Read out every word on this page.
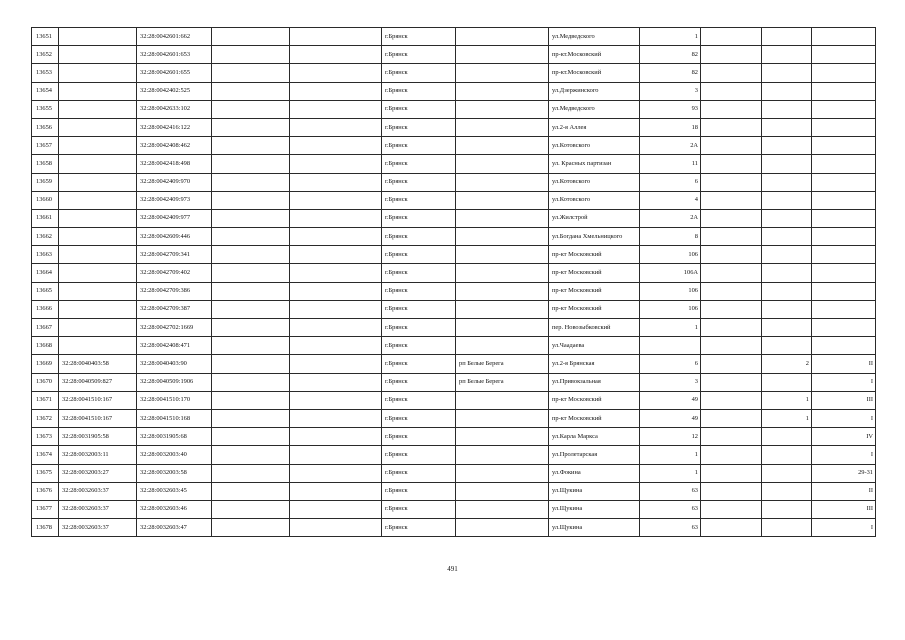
13651		32:28:0042601:662			г.Брянск		ул.Медведского	1			
13652		32:28:0042601:653			г.Брянск		пр-кт.Московский	82			
13653		32:28:0042601:655			г.Брянск		пр-кт.Московский	82			
13654		32:28:0042402:525			г.Брянск		ул.Дзержинского	3			
13655		32:28:0042633:102			г.Брянск		ул.Медведского	93			
13656		32:28:0042416:122			г.Брянск		ул.2-я Аллея	18			
13657		32:28:0042408:462			г.Брянск		ул.Котовского	2А			
13658		32:28:0042418:498			г.Брянск		ул. Красных партизан	11			
13659		32:28:0042409:970			г.Брянск		ул.Котовского	6			
13660		32:28:0042409:973			г.Брянск		ул.Котовского	4			
13661		32:28:0042409:977			г.Брянск		ул.Жилстрой	2А			
13662		32:28:0042609:446			г.Брянск		ул.Богдана Хмельницкого	8			
13663		32:28:0042709:341			г.Брянск		пр-кт Московский	106			
13664		32:28:0042709:402			г.Брянск		пр-кт Московский	106А			
13665		32:28:0042709:386			г.Брянск		пр-кт Московский	106			
13666		32:28:0042709:387			г.Брянск		пр-кт Московский	106			
13667		32:28:0042702:1669			г.Брянск		пер. Новозыбковский	1			
13668		32:28:0042408:471			г.Брянск		ул.Чаадаева				
13669	32:28:0040403:58	32:28:0040403:90			г.Брянск	рп Белые Берега	ул.2-я Брянская	6		2	II
13670	32:28:0040509:827	32:28:0040509:1906			г.Брянск	рп Белые Берега	ул.Привокзальная	3			I
13671	32:28:0041510:167	32:28:0041510:170			г.Брянск		пр-кт Московский	49		1	III
13672	32:28:0041510:167	32:28:0041510:168			г.Брянск		пр-кт Московский	49		1	I
13673	32:28:0031905:58	32:28:0031905:68			г.Брянск		ул.Карла Маркса	12			IV
13674	32:28:0032003:11	32:28:0032003:40			г.Брянск		ул.Пролетарская	1			I
13675	32:28:0032003:27	32:28:0032003:58			г.Брянск		ул.Фокина	1			29-31
13676	32:28:0032603:37	32:28:0032603:45			г.Брянск		ул.Щукина	63			II
13677	32:28:0032603:37	32:28:0032603:46			г.Брянск		ул.Щукина	63			III
13678	32:28:0032603:37	32:28:0032603:47			г.Брянск		ул.Щукина	63			I
491
